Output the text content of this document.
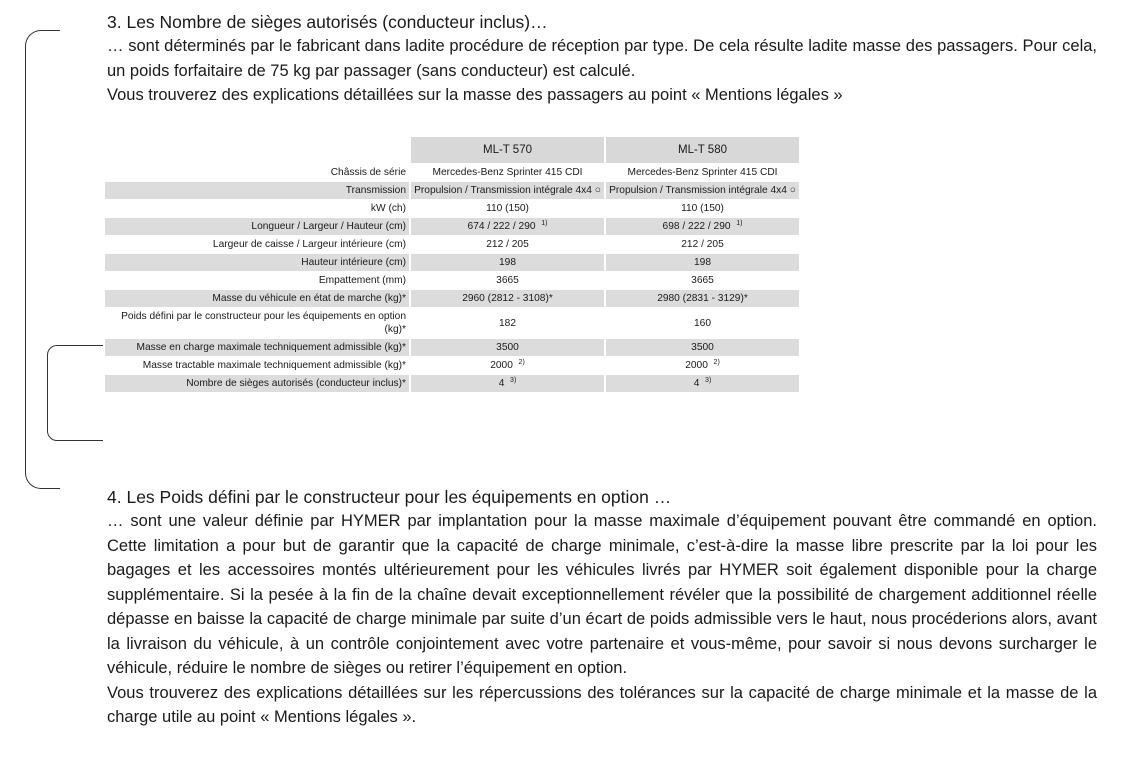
3. Les Nombre de sièges autorisés (conducteur inclus)…

… sont déterminés par le fabricant dans ladite procédure de réception par type. De cela résulte ladite masse des passagers. Pour cela, un poids forfaitaire de 75 kg par passager (sans conducteur) est calculé.

Vous trouverez des explications détaillées sur la masse des passagers au point « Mentions légales »

	ML-T 570	ML-T 580
Châssis de série	Mercedes-Benz Sprinter 415 CDI	Mercedes-Benz Sprinter 415 CDI
Transmission	Propulsion / Transmission intégrale 4x4 ○	Propulsion / Transmission intégrale 4x4 ○
kW (ch)	110 (150)	110 (150)
Longueur / Largeur / Hauteur (cm)	674 / 222 / 290 $^{1)}$	698 / 222 / 290 $^{1)}$
Largeur de caisse / Largeur intérieure (cm)	212 / 205	212 / 205
Hauteur intérieure (cm)	198	198
Empattement (mm)	3665	3665
Masse du véhicule en état de marche (kg)*	2960 (2812 - 3108)*	2980 (2831 - 3129)*
Poids défini par le constructeur pour les équipements en option (kg)*	182	160
Masse en charge maximale techniquement admissible (kg)*	3500	3500
Masse tractable maximale techniquement admissible (kg)*	2000 $^{2)}$	2000 $^{2)}$
Nombre de sièges autorisés (conducteur inclus)*	4 $^{3)}$	4 $^{3)}$
4. Les Poids défini par le constructeur pour les équipements en option …

… sont une valeur définie par HYMER par implantation pour la masse maximale d’équipement pouvant être commandé en option. Cette limitation a pour but de garantir que la capacité de charge minimale, c’est-à-dire la masse libre prescrite par la loi pour les bagages et les accessoires montés ultérieurement pour les véhicules livrés par HYMER soit également disponible pour la charge supplémentaire. Si la pesée à la fin de la chaîne devait exceptionnellement révéler que la possibilité de chargement additionnel réelle dépasse en baisse la capacité de charge minimale par suite d’un écart de poids admissible vers le haut, nous procéderions alors, avant la livraison du véhicule, à un contrôle conjointement avec votre partenaire et vous-même, pour savoir si nous devons surcharger le véhicule, réduire le nombre de sièges ou retirer l’équipement en option.

Vous trouverez des explications détaillées sur les répercussions des tolérances sur la capacité de charge minimale et la masse de la charge utile au point « Mentions légales ».
